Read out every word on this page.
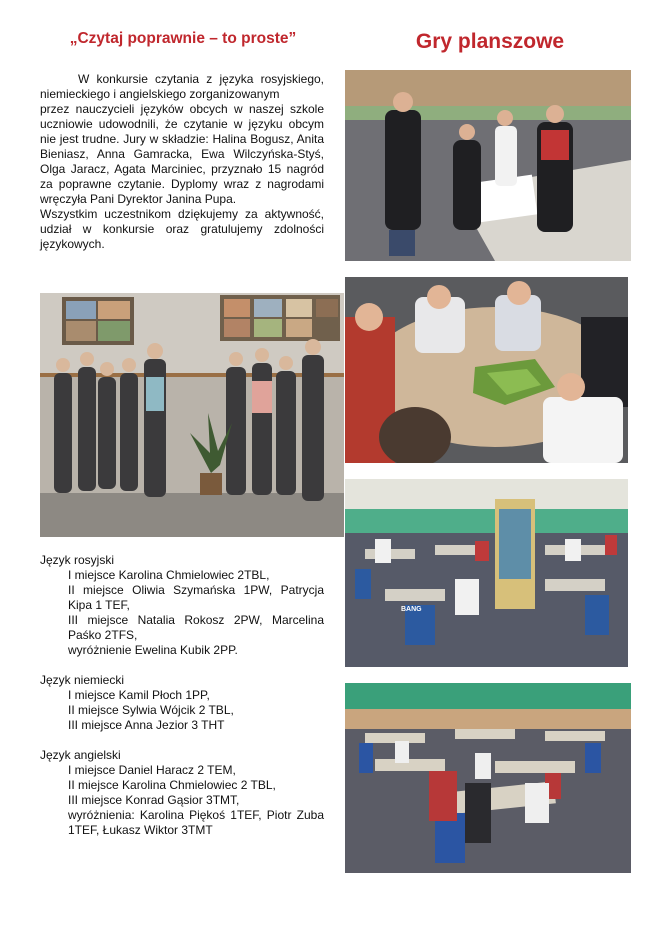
„Czytaj poprawnie – to proste”	Gry planszowe

W konkursie czytania z języka rosyjskiego, niemieckiego i angielskiego zorganizowanym

przez nauczycieli języków obcych w naszej szkole uczniowie udowodnili, że czytanie w języku obcym nie jest trudne. Jury w składzie: Halina Bogusz, Anita Bieniasz, Anna Gamracka, Ewa Wilczyńska-Styś, Olga Jaracz, Agata Marciniec, przyznało 15 nagród za poprawne czytanie. Dyplomy wraz z nagrodami wręczyła Pani Dyrektor Janina Pupa.

Wszystkim uczestnikom dziękujemy za aktywność, udział w konkursie oraz gratulujemy zdolności językowych.

BANG

Język rosyjski

I miejsce Karolina Chmielowiec 2TBL,

II miejsce Oliwia Szymańska 1PW, Patrycja Kipa 1 TEF,

III miejsce Natalia Rokosz 2PW, Marcelina Paśko 2TFS,

wyróżnienie Ewelina Kubik 2PP.

Język niemiecki

I miejsce Kamil Płoch 1PP,

II miejsce Sylwia Wójcik 2 TBL,

III miejsce Anna Jezior 3 THT

Język angielski

I miejsce Daniel Haracz 2 TEM,

II miejsce Karolina Chmielowiec 2 TBL,

III miejsce Konrad Gąsior 3TMT,

wyróżnienia: Karolina Piękoś 1TEF, Piotr Zuba 1TEF, Łukasz Wiktor 3TMT
